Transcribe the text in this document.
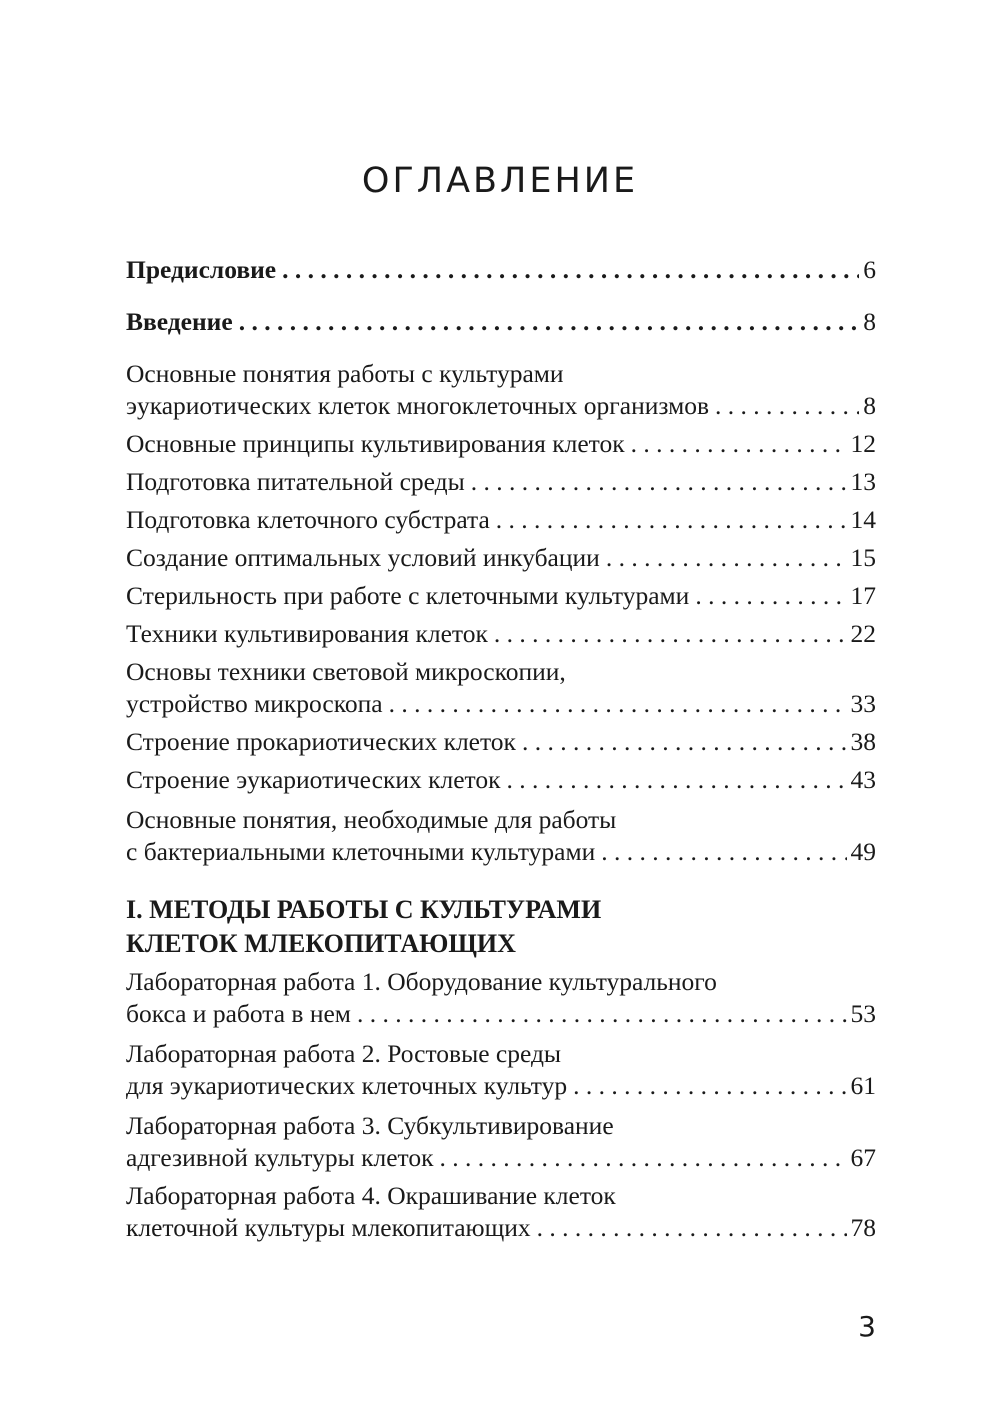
ОГЛАВЛЕНИЕ
Предисловие . . .	6
Введение . . .	8
Основные понятия работы с культурами
эукариотических клеток многоклеточных организмов . . .	8
Основные принципы культивирования клеток . . .	12
Подготовка питательной среды . . .	13
Подготовка клеточного субстрата . . .	14
Создание оптимальных условий инкубации . . .	15
Стерильность при работе с клеточными культурами . . .	17
Техники культивирования клеток . . .	22
Основы техники световой микроскопии,
устройство микроскопа . . .	33
Строение прокариотических клеток . . .	38
Строение эукариотических клеток . . .	43
Основные понятия, необходимые для работы
с бактериальными клеточными культурами . . .	49
Лабораторная работа 1. Оборудование культурального
бокса и работа в нем . . .	53
Лабораторная работа 2. Ростовые среды
для эукариотических клеточных культур . . .	61
Лабораторная работа 3. Субкультивирование
адгезивной культуры клеток . . .	67
Лабораторная работа 4. Окрашивание клеток
клеточной культуры млекопитающих . . .	78
I. МЕТОДЫ РАБОТЫ С КУЛЬТУРАМИ
КЛЕТОК МЛЕКОПИТАЮЩИХ
3
